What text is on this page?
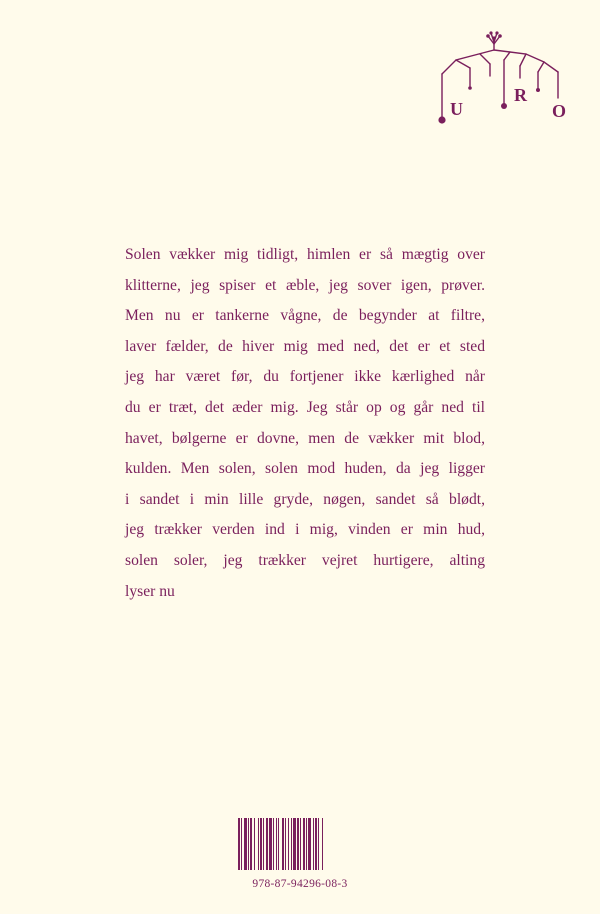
U
R
O

Solen vækker mig tidligt, himlen er så mægtig over
klitterne, jeg spiser et æble, jeg sover igen, prøver.
Men nu er tankerne vågne, de begynder at filtre,
laver fælder, de hiver mig med ned, det er et sted
jeg har været før, du fortjener ikke kærlighed når
du er træt, det æder mig. Jeg står op og går ned til
havet, bølgerne er dovne, men de vækker mit blod,
kulden. Men solen, solen mod huden, da jeg ligger
i sandet i min lille gryde, nøgen, sandet så blødt,
jeg trækker verden ind i mig, vinden er min hud,
solen soler, jeg trækker vejret hurtigere, alting
lyser nu

978-87-94296-08-3
